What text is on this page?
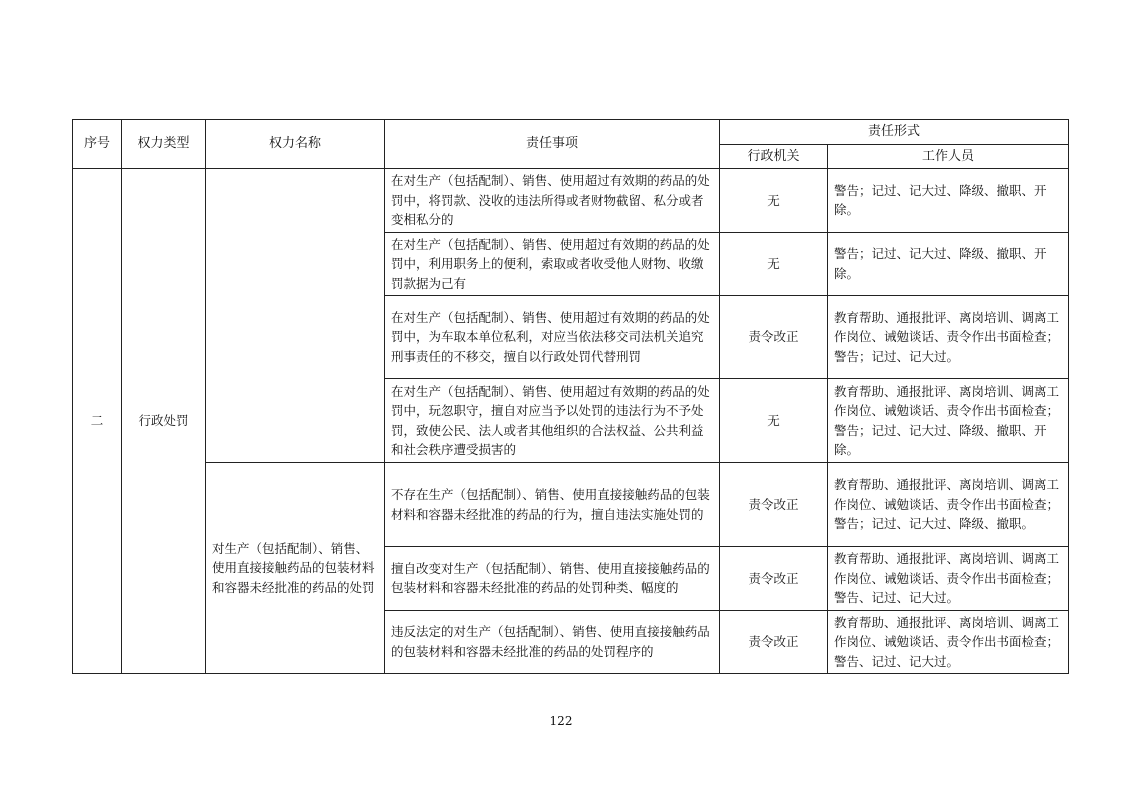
序号	权力类型	权力名称	责任事项	责任形式	
				行政机关	工作人员
二	行政处罚		在对生产（包括配制）、销售、使用超过有效期的药品的处罚中，将罚款、没收的违法所得或者财物截留、私分或者变相私分的	无	警告；记过、记大过、降级、撤职、开除。
			在对生产（包括配制）、销售、使用超过有效期的药品的处罚中，利用职务上的便利，索取或者收受他人财物、收缴罚款据为己有	无	警告；记过、记大过、降级、撤职、开除。
			在对生产（包括配制）、销售、使用超过有效期的药品的处罚中，为车取本单位私利，对应当依法移交司法机关追究刑事责任的不移交，擅自以行政处罚代替刑罚	责令改正	教育帮助、通报批评、离岗培训、调离工作岗位、诫勉谈话、责令作出书面检查；警告；记过、记大过。
			在对生产（包括配制）、销售、使用超过有效期的药品的处罚中，玩忽职守，擅自对应当予以处罚的违法行为不予处罚，致使公民、法人或者其他组织的合法权益、公共利益和社会秩序遭受损害的	无	教育帮助、通报批评、离岗培训、调离工作岗位、诫勉谈话、责令作出书面检查；警告；记过、记大过、降级、撤职、开除。
		对生产（包括配制）、销售、使用直接接触药品的包装材料和容器未经批准的药品的处罚	不存在生产（包括配制）、销售、使用直接接触药品的包装材料和容器未经批准的药品的行为，擅自违法实施处罚的	责令改正	教育帮助、通报批评、离岗培训、调离工作岗位、诫勉谈话、责令作出书面检查；警告；记过、记大过、降级、撤职。
			擅自改变对生产（包括配制）、销售、使用直接接触药品的包装材料和容器未经批准的药品的处罚种类、幅度的	责令改正	教育帮助、通报批评、离岗培训、调离工作岗位、诫勉谈话、责令作出书面检查；警告、记过、记大过。
			违反法定的对生产（包括配制）、销售、使用直接接触药品的包装材料和容器未经批准的药品的处罚程序的	责令改正	教育帮助、通报批评、离岗培训、调离工作岗位、诫勉谈话、责令作出书面检查；警告、记过、记大过。
122
